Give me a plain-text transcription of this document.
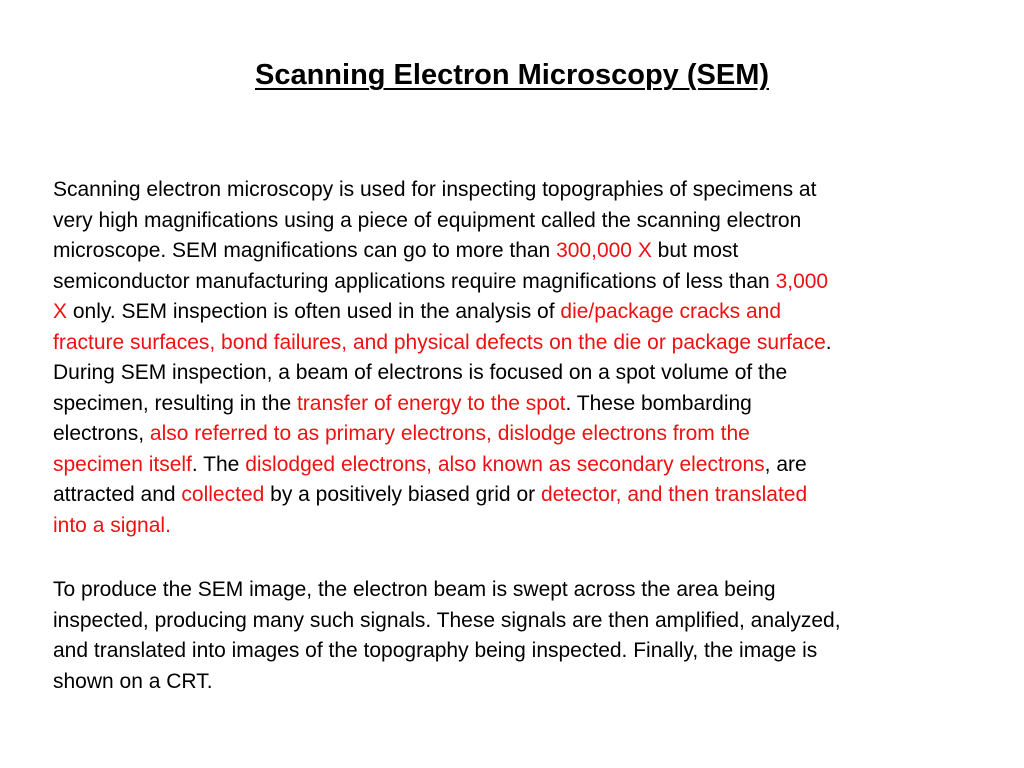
Scanning Electron Microscopy (SEM)
Scanning electron microscopy is used for inspecting topographies of specimens at
very high magnifications using a piece of equipment called the scanning electron
microscope. SEM magnifications can go to more than 300,000 X but most
semiconductor manufacturing applications require magnifications of less than 3,000
X only. SEM inspection is often used in the analysis of die/package cracks and
fracture surfaces, bond failures, and physical defects on the die or package surface.
During SEM inspection, a beam of electrons is focused on a spot volume of the
specimen, resulting in the transfer of energy to the spot. These bombarding
electrons, also referred to as primary electrons, dislodge electrons from the
specimen itself. The dislodged electrons, also known as secondary electrons, are
attracted and collected by a positively biased grid or detector, and then translated
into a signal.
To produce the SEM image, the electron beam is swept across the area being
inspected, producing many such signals. These signals are then amplified, analyzed,
and translated into images of the topography being inspected. Finally, the image is
shown on a CRT.
